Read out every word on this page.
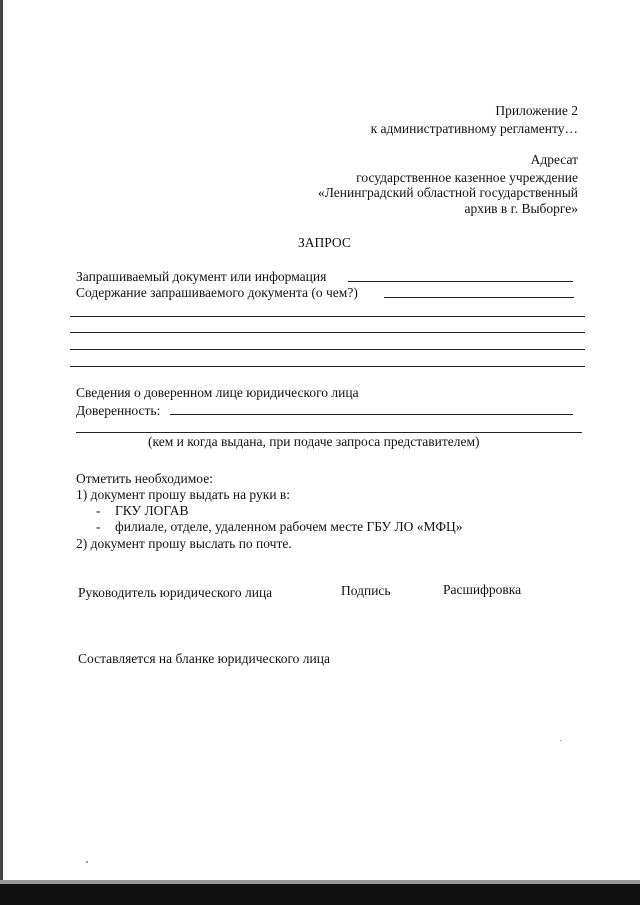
Приложение 2
к административному регламенту…
Адресат
государственное казенное учреждение
«Ленинградский областной государственный
архив в г. Выборге»
ЗАПРОС
Запрашиваемый документ или информация
Содержание запрашиваемого документа (о чем?)
Сведения о доверенном лице юридического лица
Доверенность:
(кем и когда выдана, при подаче запроса представителем)
Отметить необходимое:
1) документ прошу выдать на руки в:
- ГКУ ЛОГАВ
- филиале, отделе, удаленном рабочем месте ГБУ ЛО «МФЦ»
2) документ прошу выслать по почте.
Руководитель юридического лица	Подпись	Расшифровка
Составляется на бланке юридического лица
